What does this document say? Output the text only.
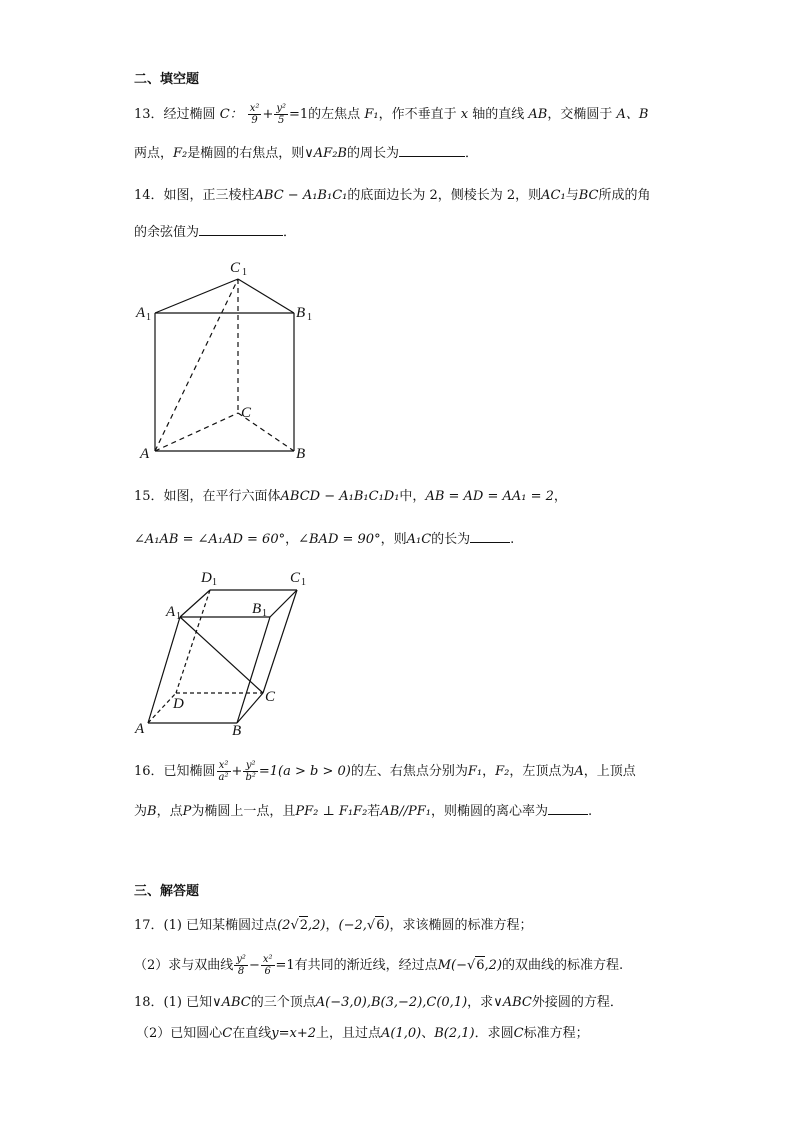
二、填空题
13．经过椭圆 C： $\frac{\text{x²}}{9} + \frac{\text{y²}}{5} =1$的左焦点 F₁，作不垂直于 x 轴的直线 AB，交椭圆于 A、B
两点，F₂是椭圆的右焦点，则∨AF₂B的周长为	．
14．如图，正三棱柱ABC − A₁B₁C₁的底面边长为 2，侧棱长为 2，则AC₁与BC所成的角
的余弦值为	．
C 1
A 1	B 1
C
A	B
15．如图，在平行六面体ABCD − A₁B₁C₁D₁中，AB = AD = AA₁ = 2，
∠A₁AB = ∠A₁AD = 60°，∠BAD = 90°，则A₁C的长为	.
D 1	C 1
A 1	B 1
D	C
A	B
16．已知椭圆 $\frac{\text{x²}}{\text{a²}} + \frac{\text{y²}}{\text{b²}} =1(a > b > 0)$的左、右焦点分别为F₁，F₂，左顶点为A，上顶点
为B，点P为椭圆上一点，且PF₂ ⊥ F₁F₂若AB//PF₁，则椭圆的离心率为	.
三、解答题
17．(1) 已知某椭圆过点(2√2,2)，(−2,√6)，求该椭圆的标准方程；
（2）求与双曲线 $\frac{\text{y²}}{8} - \frac{\text{x²}}{6} =1$有共同的渐近线，经过点M(−√6,2)的双曲线的标准方程.
18．(1) 已知∨ABC的三个顶点A(−3,0),B(3,−2),C(0,1)，求∨ABC外接圆的方程．
（2）已知圆心C在直线y=x+2上，且过点A(1,0)、B(2,1)．求圆C标准方程；
